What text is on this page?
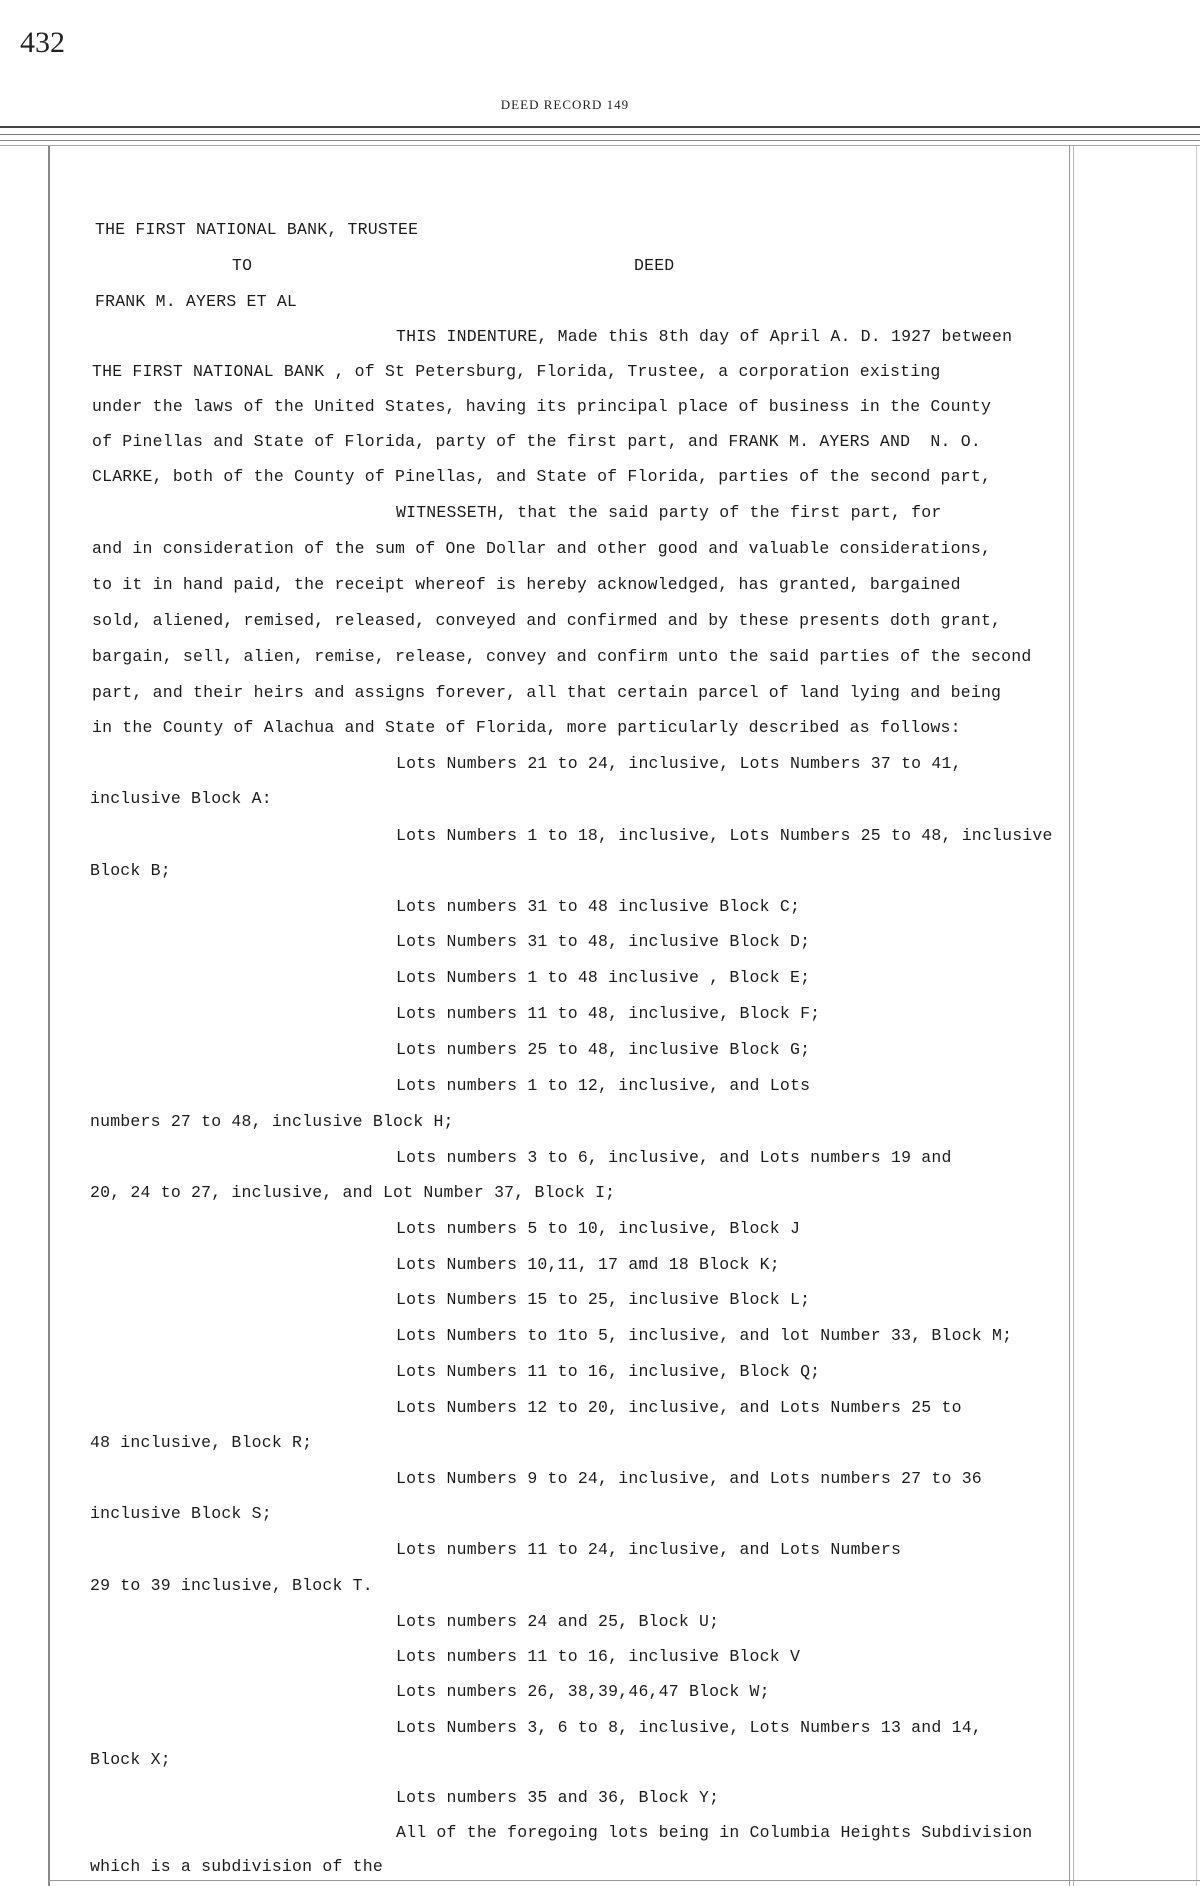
432
DEED RECORD 149
THE FIRST NATIONAL BANK, TRUSTEE
TO	DEED
FRANK M. AYERS ET AL
THIS INDENTURE, Made this 8th day of April A. D. 1927 between
THE FIRST NATIONAL BANK , of St Petersburg, Florida, Trustee, a corporation existing
under the laws of the United States, having its principal place of business in the County
of Pinellas and State of Florida, party of the first part, and FRANK M. AYERS AND  N. O.
CLARKE, both of the County of Pinellas, and State of Florida, parties of the second part,
WITNESSETH, that the said party of the first part, for
and in consideration of the sum of One Dollar and other good and valuable considerations,
to it in hand paid, the receipt whereof is hereby acknowledged, has granted, bargained
sold, aliened, remised, released, conveyed and confirmed and by these presents doth grant,
bargain, sell, alien, remise, release, convey and confirm unto the said parties of the second
part, and their heirs and assigns forever, all that certain parcel of land lying and being
in the County of Alachua and State of Florida, more particularly described as follows:
Lots Numbers 21 to 24, inclusive, Lots Numbers 37 to 41,
inclusive Block A:
Lots Numbers 1 to 18, inclusive, Lots Numbers 25 to 48, inclusive
Block B;
Lots numbers 31 to 48 inclusive Block C;
Lots Numbers 31 to 48, inclusive Block D;
Lots Numbers 1 to 48 inclusive , Block E;
Lots numbers 11 to 48, inclusive, Block F;
Lots numbers 25 to 48, inclusive Block G;
Lots numbers 1 to 12, inclusive, and Lots
numbers 27 to 48, inclusive Block H;
Lots numbers 3 to 6, inclusive, and Lots numbers 19 and
20, 24 to 27, inclusive, and Lot Number 37, Block I;
Lots numbers 5 to 10, inclusive, Block J
Lots Numbers 10,11, 17 amd 18 Block K;
Lots Numbers 15 to 25, inclusive Block L;
Lots Numbers to 1to 5, inclusive, and lot Number 33, Block M;
Lots Numbers 11 to 16, inclusive, Block Q;
Lots Numbers 12 to 20, inclusive, and Lots Numbers 25 to
48 inclusive, Block R;
Lots Numbers 9 to 24, inclusive, and Lots numbers 27 to 36
inclusive Block S;
Lots numbers 11 to 24, inclusive, and Lots Numbers
29 to 39 inclusive, Block T.
Lots numbers 24 and 25, Block U;
Lots numbers 11 to 16, inclusive Block V
Lots numbers 26, 38,39,46,47 Block W;
Lots Numbers 3, 6 to 8, inclusive, Lots Numbers 13 and 14,
Block X;
Lots numbers 35 and 36, Block Y;
All of the foregoing lots being in Columbia Heights Subdivision
which is a subdivision of the
